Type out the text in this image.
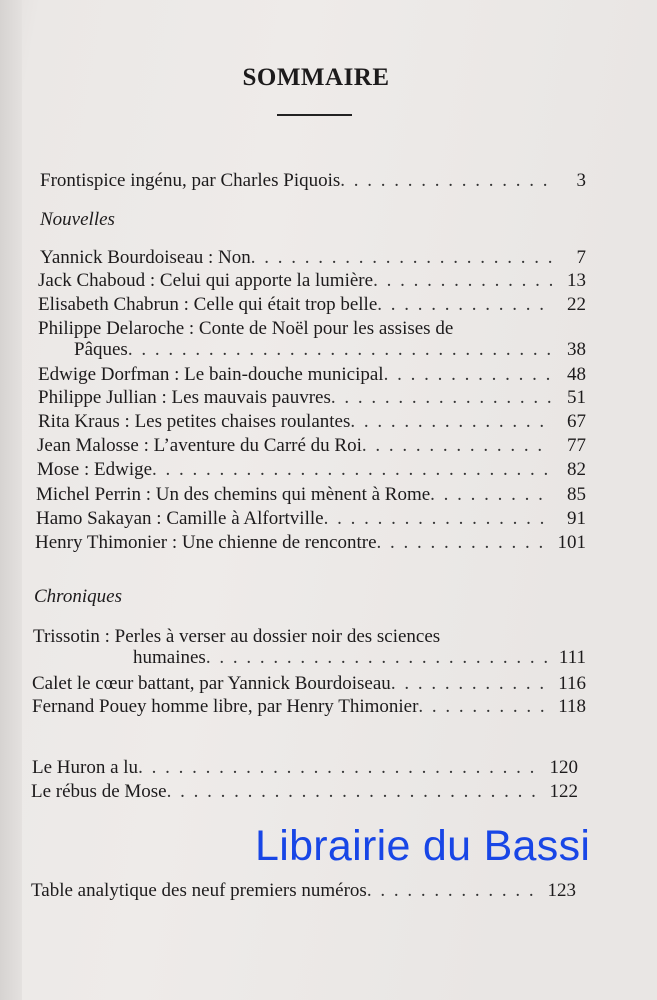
SOMMAIRE
Frontispice ingénu, par Charles Piquois . . .	3
Nouvelles
Yannick Bourdoiseau : Non . . .	7
Jack Chaboud : Celui qui apporte la lumière . . .	13
Elisabeth Chabrun : Celle qui était trop belle . . .	22
Philippe Delaroche : Conte de Noël pour les assises de
Pâques . . .	38
Edwige Dorfman : Le bain-douche municipal . . .	48
Philippe Jullian : Les mauvais pauvres . . .	51
Rita Kraus : Les petites chaises roulantes . . .	67
Jean Malosse : L’aventure du Carré du Roi . . .	77
Mose : Edwige . . .	82
Michel Perrin : Un des chemins qui mènent à Rome . . .	85
Hamo Sakayan : Camille à Alfortville . . .	91
Henry Thimonier : Une chienne de rencontre . . .	101
Chroniques
Trissotin : Perles à verser au dossier noir des sciences
humaines . . .	111
Calet le cœur battant, par Yannick Bourdoiseau . . .	116
Fernand Pouey homme libre, par Henry Thimonier . . .	118
Le Huron a lu . . .	120
Le rébus de Mose . . .	122
Table analytique des neuf premiers numéros . . .	123
Librairie du Bassi
